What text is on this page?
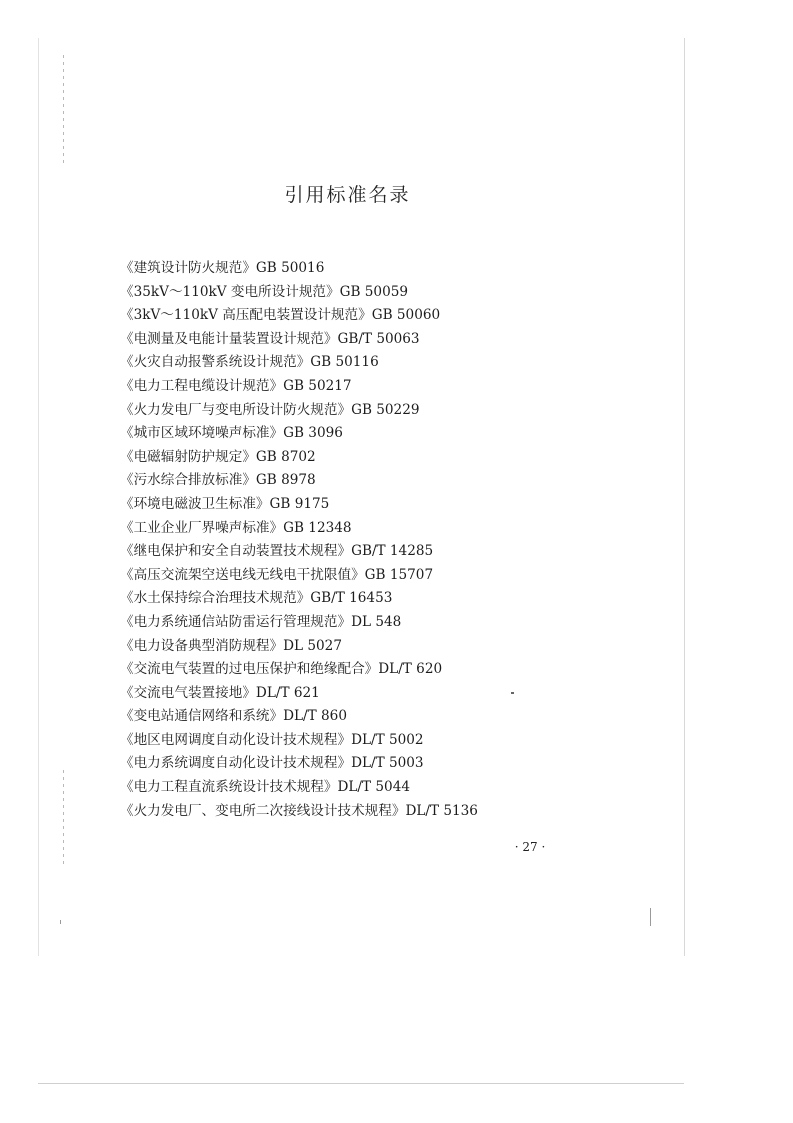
引用标准名录
《建筑设计防火规范》GB 50016
《35kV～110kV 变电所设计规范》GB 50059
《3kV～110kV 高压配电装置设计规范》GB 50060
《电测量及电能计量装置设计规范》GB/T 50063
《火灾自动报警系统设计规范》GB 50116
《电力工程电缆设计规范》GB 50217
《火力发电厂与变电所设计防火规范》GB 50229
《城市区域环境噪声标准》GB 3096
《电磁辐射防护规定》GB 8702
《污水综合排放标准》GB 8978
《环境电磁波卫生标准》GB 9175
《工业企业厂界噪声标准》GB 12348
《继电保护和安全自动装置技术规程》GB/T 14285
《高压交流架空送电线无线电干扰限值》GB 15707
《水土保持综合治理技术规范》GB/T 16453
《电力系统通信站防雷运行管理规范》DL 548
《电力设备典型消防规程》DL 5027
《交流电气装置的过电压保护和绝缘配合》DL/T 620
《交流电气装置接地》DL/T 621
《变电站通信网络和系统》DL/T 860
《地区电网调度自动化设计技术规程》DL/T 5002
《电力系统调度自动化设计技术规程》DL/T 5003
《电力工程直流系统设计技术规程》DL/T 5044
《火力发电厂、变电所二次接线设计技术规程》DL/T 5136
· 27 ·
